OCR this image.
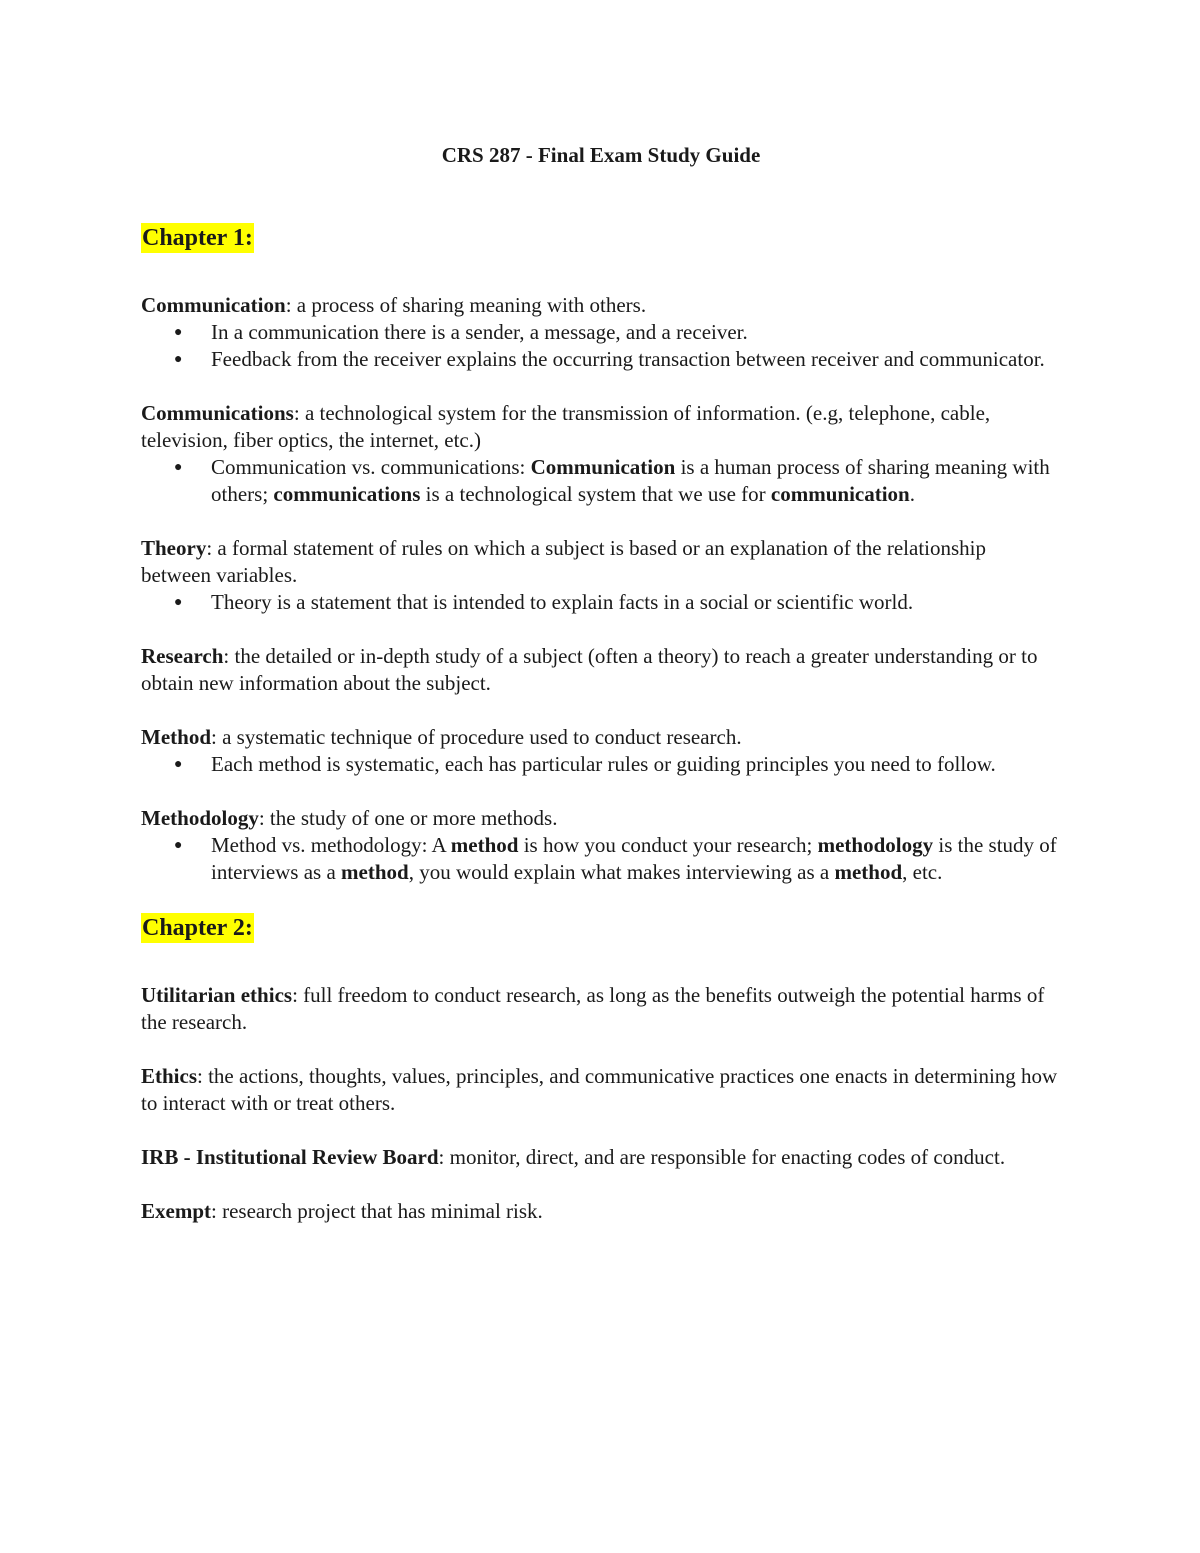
CRS 287 - Final Exam Study Guide
Chapter 1:

Communication: a process of sharing meaning with others.

● In a communication there is a sender, a message, and a receiver.
● Feedback from the receiver explains the occurring transaction between receiver and communicator.

Communications: a technological system for the transmission of information. (e.g, telephone, cable, television, fiber optics, the internet, etc.)

● Communication vs. communications: Communication is a human process of sharing meaning with others; communications is a technological system that we use for communication.

Theory: a formal statement of rules on which a subject is based or an explanation of the relationship between variables.

● Theory is a statement that is intended to explain facts in a social or scientific world.

Research: the detailed or in-depth study of a subject (often a theory) to reach a greater understanding or to obtain new information about the subject.

Method: a systematic technique of procedure used to conduct research.

● Each method is systematic, each has particular rules or guiding principles you need to follow.

Methodology: the study of one or more methods.

● Method vs. methodology: A method is how you conduct your research; methodology is the study of interviews as a method, you would explain what makes interviewing as a method, etc.
Chapter 2:

Utilitarian ethics: full freedom to conduct research, as long as the benefits outweigh the potential harms of the research.

Ethics: the actions, thoughts, values, principles, and communicative practices one enacts in determining how to interact with or treat others.

IRB - Institutional Review Board: monitor, direct, and are responsible for enacting codes of conduct.

Exempt: research project that has minimal risk.
